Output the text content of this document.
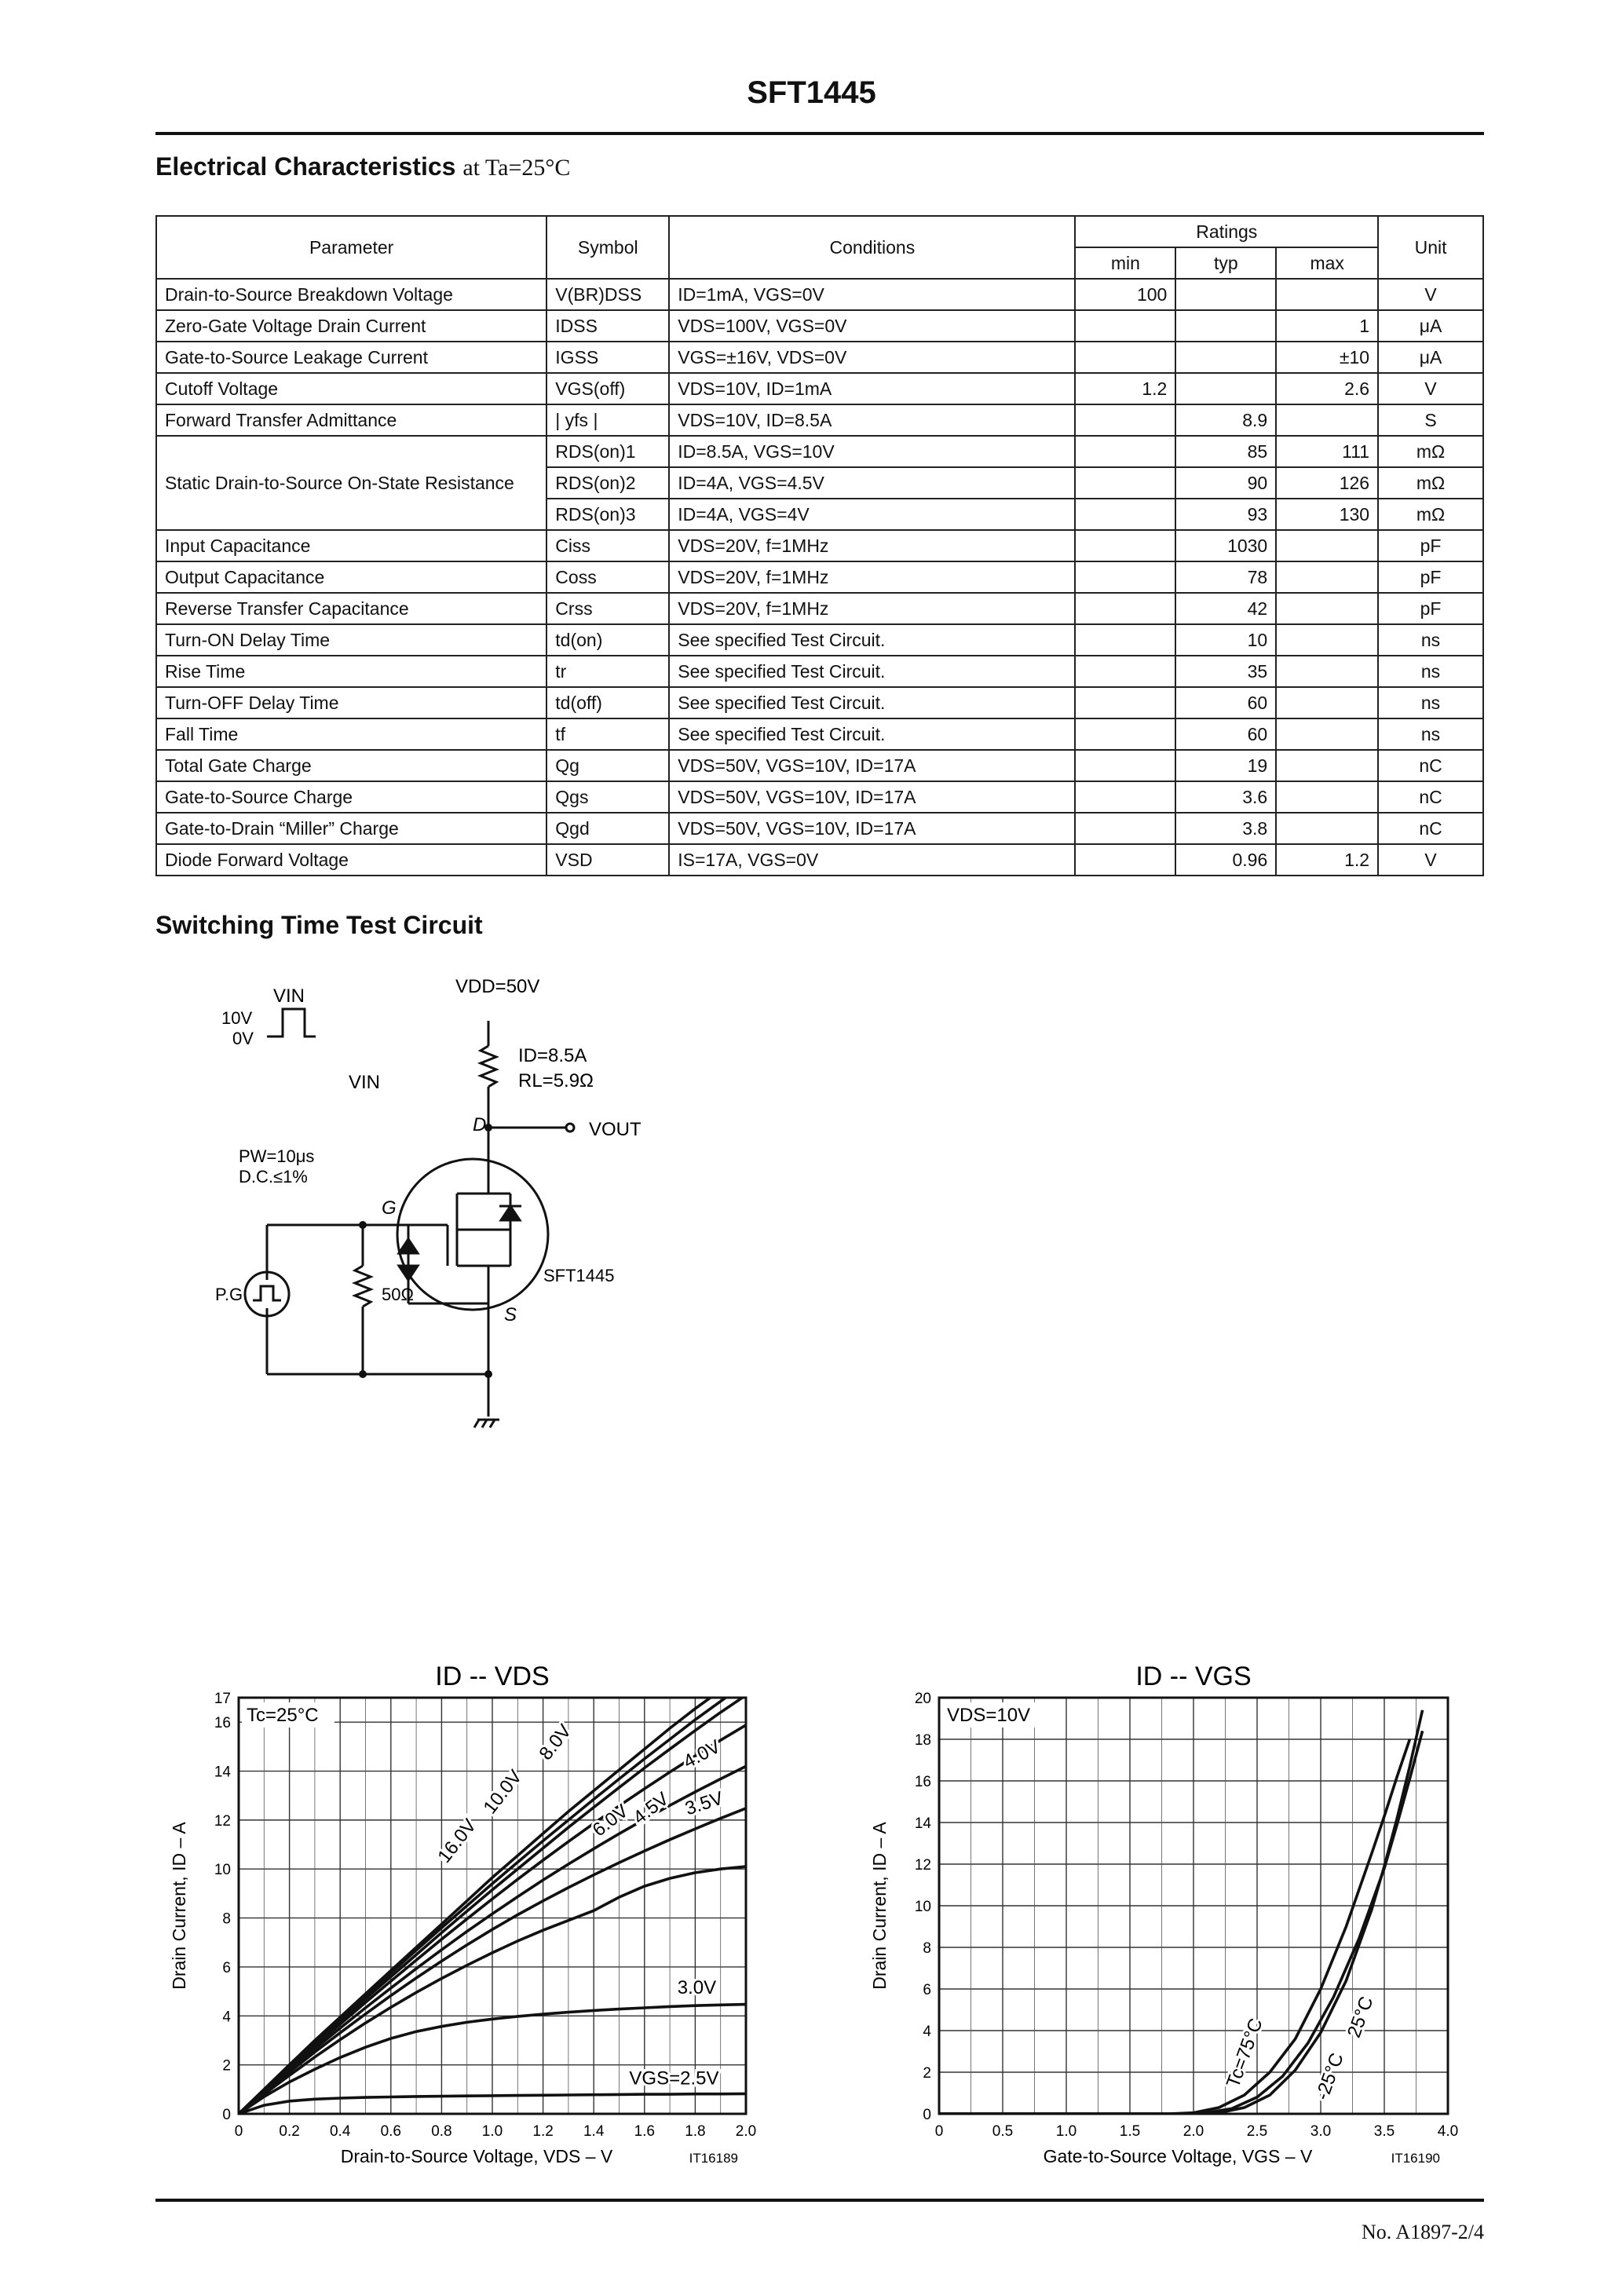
SFT1445
Electrical Characteristics at Ta=25°C
Parameter	Symbol	Conditions	Ratings			Unit
			min	typ	max	
Drain-to-Source Breakdown Voltage	V(BR)DSS	ID=1mA, VGS=0V	100			V
Zero-Gate Voltage Drain Current	IDSS	VDS=100V, VGS=0V			1	μA
Gate-to-Source Leakage Current	IGSS	VGS=±16V, VDS=0V			±10	μA
Cutoff Voltage	VGS(off)	VDS=10V, ID=1mA	1.2		2.6	V
Forward Transfer Admittance	| yfs |	VDS=10V, ID=8.5A		8.9		S
Static Drain-to-Source On-State Resistance	RDS(on)1	ID=8.5A, VGS=10V		85	111	mΩ
	RDS(on)2	ID=4A, VGS=4.5V		90	126	mΩ
	RDS(on)3	ID=4A, VGS=4V		93	130	mΩ
Input Capacitance	Ciss	VDS=20V, f=1MHz		1030		pF
Output Capacitance	Coss	VDS=20V, f=1MHz		78		pF
Reverse Transfer Capacitance	Crss	VDS=20V, f=1MHz		42		pF
Turn-ON Delay Time	td(on)	See specified Test Circuit.		10		ns
Rise Time	tr	See specified Test Circuit.		35		ns
Turn-OFF Delay Time	td(off)	See specified Test Circuit.		60		ns
Fall Time	tf	See specified Test Circuit.		60		ns
Total Gate Charge	Qg	VDS=50V, VGS=10V, ID=17A		19		nC
Gate-to-Source Charge	Qgs	VDS=50V, VGS=10V, ID=17A		3.6		nC
Gate-to-Drain “Miller” Charge	Qgd	VDS=50V, VGS=10V, ID=17A		3.8		nC
Diode Forward Voltage	VSD	IS=17A, VGS=0V		0.96	1.2	V
Switching Time Test Circuit
VIN
10V
0V
VDD=50V
ID=8.5A
RL=5.9Ω
D	VOUT
VIN
PW=10μs
D.C.≤1%
G
S
SFT1445
P.G	50Ω
0 0.2 0.4 0.6 0.8 1.0 1.2 1.4 1.6 1.8 2.0
0
2
4
6
8
10
12
14
16
17
ID -- VDS
Drain-to-Source Voltage, VDS – V
Drain Current, ID – A
Tc=25°C
IT16189
16.0V
10.0V
8.0V
6.0V
4.5V
4.0V
3.5V
3.0V
VGS=2.5V
0	0.5	1.0	1.5	2.0	2.5	3.0	3.5	4.0
0
2
4
6
8
10
12
14
16
18
20
ID -- VGS
Gate-to-Source Voltage, VGS – V
Drain Current, ID – A
VDS=10V
IT16190
Tc=75°C -25°C
25°C
No. A1897-2/4
